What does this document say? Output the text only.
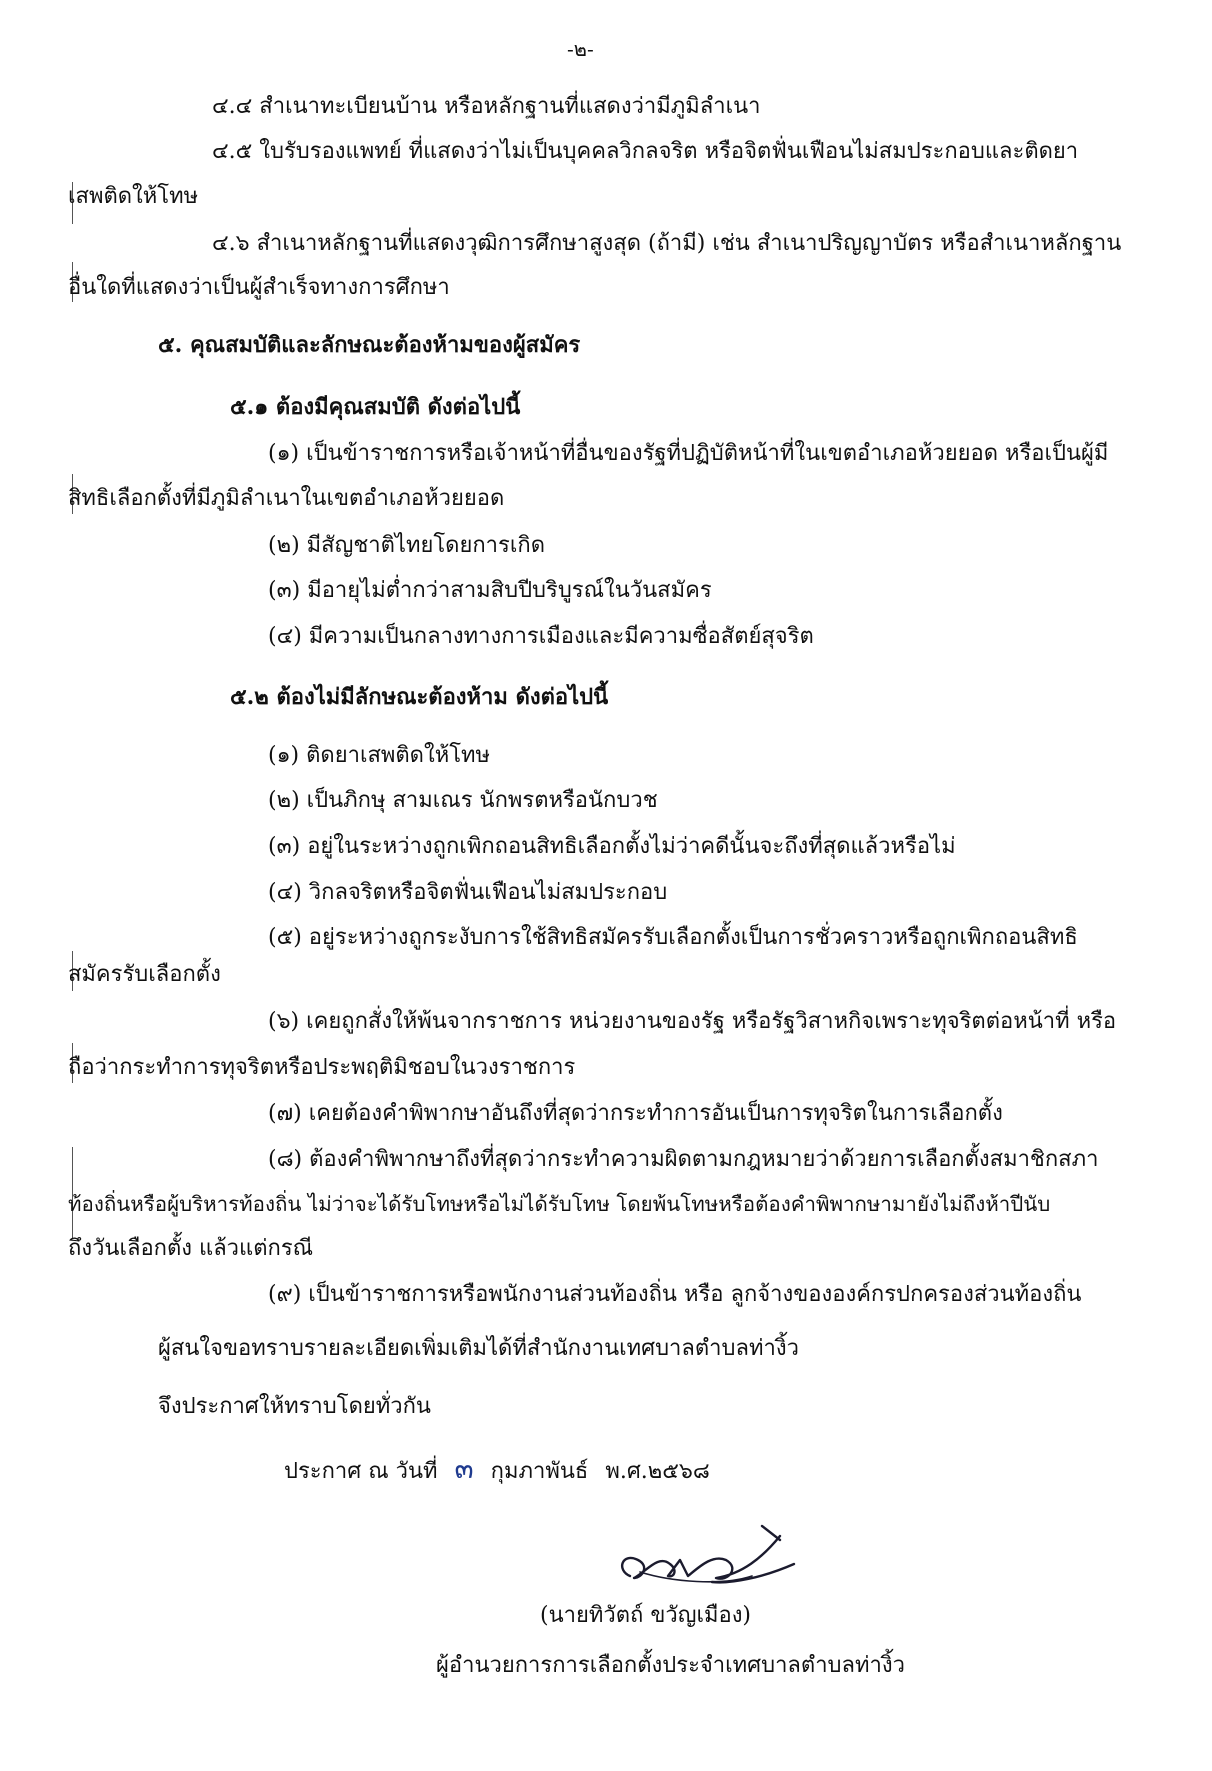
-๒-

๔.๔ สำเนาทะเบียนบ้าน หรือหลักฐานที่แสดงว่ามีภูมิลำเนา

๔.๕ ใบรับรองแพทย์ ที่แสดงว่าไม่เป็นบุคคลวิกลจริต หรือจิตฟั่นเฟือนไม่สมประกอบและติดยา

เสพติดให้โทษ

๔.๖ สำเนาหลักฐานที่แสดงวุฒิการศึกษาสูงสุด (ถ้ามี) เช่น สำเนาปริญญาบัตร หรือสำเนาหลักฐาน

อื่นใดที่แสดงว่าเป็นผู้สำเร็จทางการศึกษา

๕. คุณสมบัติและลักษณะต้องห้ามของผู้สมัคร

๕.๑ ต้องมีคุณสมบัติ ดังต่อไปนี้

(๑) เป็นข้าราชการหรือเจ้าหน้าที่อื่นของรัฐที่ปฏิบัติหน้าที่ในเขตอำเภอห้วยยอด หรือเป็นผู้มี

สิทธิเลือกตั้งที่มีภูมิลำเนาในเขตอำเภอห้วยยอด

(๒) มีสัญชาติไทยโดยการเกิด

(๓) มีอายุไม่ต่ำกว่าสามสิบปีบริบูรณ์ในวันสมัคร

(๔) มีความเป็นกลางทางการเมืองและมีความซื่อสัตย์สุจริต

๕.๒ ต้องไม่มีลักษณะต้องห้าม ดังต่อไปนี้

(๑) ติดยาเสพติดให้โทษ

(๒) เป็นภิกษุ สามเณร นักพรตหรือนักบวช

(๓) อยู่ในระหว่างถูกเพิกถอนสิทธิเลือกตั้งไม่ว่าคดีนั้นจะถึงที่สุดแล้วหรือไม่

(๔) วิกลจริตหรือจิตฟั่นเฟือนไม่สมประกอบ

(๕) อยู่ระหว่างถูกระงับการใช้สิทธิสมัครรับเลือกตั้งเป็นการชั่วคราวหรือถูกเพิกถอนสิทธิ

สมัครรับเลือกตั้ง

(๖) เคยถูกสั่งให้พ้นจากราชการ หน่วยงานของรัฐ หรือรัฐวิสาหกิจเพราะทุจริตต่อหน้าที่ หรือ

ถือว่ากระทำการทุจริตหรือประพฤติมิชอบในวงราชการ

(๗) เคยต้องคำพิพากษาอันถึงที่สุดว่ากระทำการอันเป็นการทุจริตในการเลือกตั้ง

(๘) ต้องคำพิพากษาถึงที่สุดว่ากระทำความผิดตามกฎหมายว่าด้วยการเลือกตั้งสมาชิกสภา

ท้องถิ่นหรือผู้บริหารท้องถิ่น ไม่ว่าจะได้รับโทษหรือไม่ได้รับโทษ โดยพ้นโทษหรือต้องคำพิพากษามายังไม่ถึงห้าปีนับ

ถึงวันเลือกตั้ง แล้วแต่กรณี

(๙) เป็นข้าราชการหรือพนักงานส่วนท้องถิ่น หรือ ลูกจ้างขององค์กรปกครองส่วนท้องถิ่น

ผู้สนใจขอทราบรายละเอียดเพิ่มเติมได้ที่สำนักงานเทศบาลตำบลท่างิ้ว

จึงประกาศให้ทราบโดยทั่วกัน

ประกาศ ณ วันที่ ๓ กุมภาพันธ์ พ.ศ.๒๕๖๘

(นายทิวัตถ์ ขวัญเมือง)

ผู้อำนวยการการเลือกตั้งประจำเทศบาลตำบลท่างิ้ว
